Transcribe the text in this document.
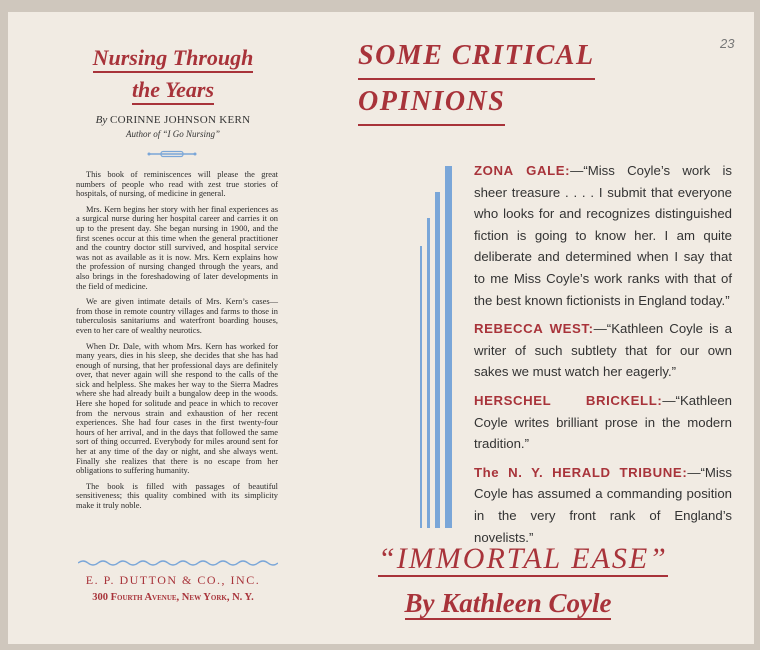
23
Nursing Through
the Years
By CORINNE JOHNSON KERN
Author of “I Go Nursing”

This book of reminiscences will please the great numbers of people who read with zest true stories of hospitals, of nursing, of medicine in general.

Mrs. Kern begins her story with her final experiences as a surgical nurse during her hospital career and carries it on up to the present day. She began nursing in 1900, and the first scenes occur at this time when the general practitioner and the country doctor still survived, and hospital service was not as available as it is now. Mrs. Kern explains how the profession of nursing changed through the years, and also brings in the foreshadowing of later developments in the field of medicine.

We are given intimate details of Mrs. Kern’s cases—from those in remote country villages and farms to those in tuberculosis sanitariums and waterfront boarding houses, even to her care of wealthy neurotics.

When Dr. Dale, with whom Mrs. Kern has worked for many years, dies in his sleep, she decides that she has had enough of nursing, that her professional days are definitely over, that never again will she respond to the calls of the sick and helpless. She makes her way to the Sierra Madres where she had already built a bungalow deep in the woods. Here she hoped for solitude and peace in which to recover from the nervous strain and exhaustion of her recent experiences. She had four cases in the first twenty-four hours of her arrival, and in the days that followed the same sort of thing occurred. Everybody for miles around sent for her at any time of the day or night, and she always went. Finally she realizes that there is no escape from her obligations to suffering humanity.

The book is filled with passages of beautiful sensitiveness; this quality combined with its simplicity make it truly noble.

E. P. DUTTON & CO., INC.
300 Fourth Avenue, New York, N. Y.
SOME CRITICAL
OPINIONS

ZONA GALE:—“Miss Coyle’s work is sheer treasure . . . . I submit that everyone who looks for and recognizes distinguished fiction is going to know her. I am quite deliberate and determined when I say that to me Miss Coyle’s work ranks with that of the best known fictionists in England today.”

REBECCA WEST:—“Kathleen Coyle is a writer of such subtlety that for our own sakes we must watch her eagerly.”

HERSCHEL BRICKELL:—“Kathleen Coyle writes brilliant prose in the modern tradition.”

The N. Y. HERALD TRIBUNE:—“Miss Coyle has assumed a commanding position in the very front rank of England’s novelists.”

“IMMORTAL EASE”
By Kathleen Coyle
